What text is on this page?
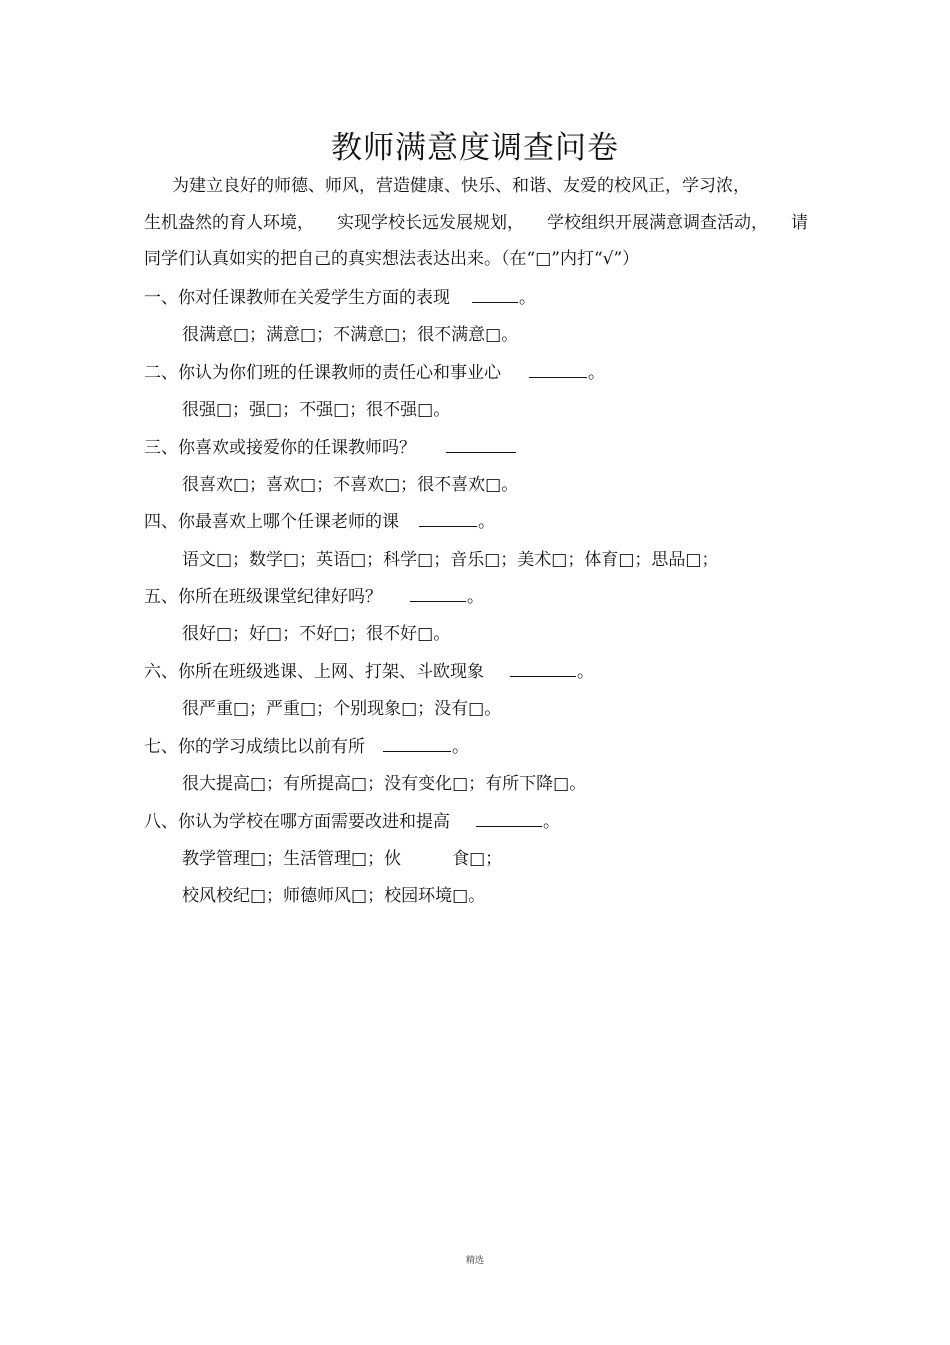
教师满意度调查问卷
为建立良好的师德、师风，营造健康、快乐、和谐、友爱的校风正，学习浓，
生机盎然的育人环境， 实现学校长远发展规划， 学校组织开展满意调查活动， 请
同学们认真如实的把自己的真实想法表达出来。（在“□”内打“√”）
一、你对任课教师在关爱学生方面的表现	。
很满意□；满意□；不满意□；很不满意□。
二、你认为你们班的任课教师的责任心和事业心	。
很强□；强□；不强□；很不强□。
三、你喜欢或接爱你的任课教师吗？
很喜欢□；喜欢□；不喜欢□；很不喜欢□。
四、你最喜欢上哪个任课老师的课	。
语文□；数学□；英语□；科学□；音乐□；美术□；体育□；思品□；
五、你所在班级课堂纪律好吗？	。
很好□；好□；不好□；很不好□。
六、你所在班级逃课、上网、打架、斗欧现象	。
很严重□；严重□；个别现象□；没有□。
七、你的学习成绩比以前有所	。
很大提高□；有所提高□；没有变化□；有所下降□。
八、你认为学校在哪方面需要改进和提高	。
教学管理□；生活管理□；伙　　　食□；
校风校纪□；师德师风□；校园环境□。
精选
